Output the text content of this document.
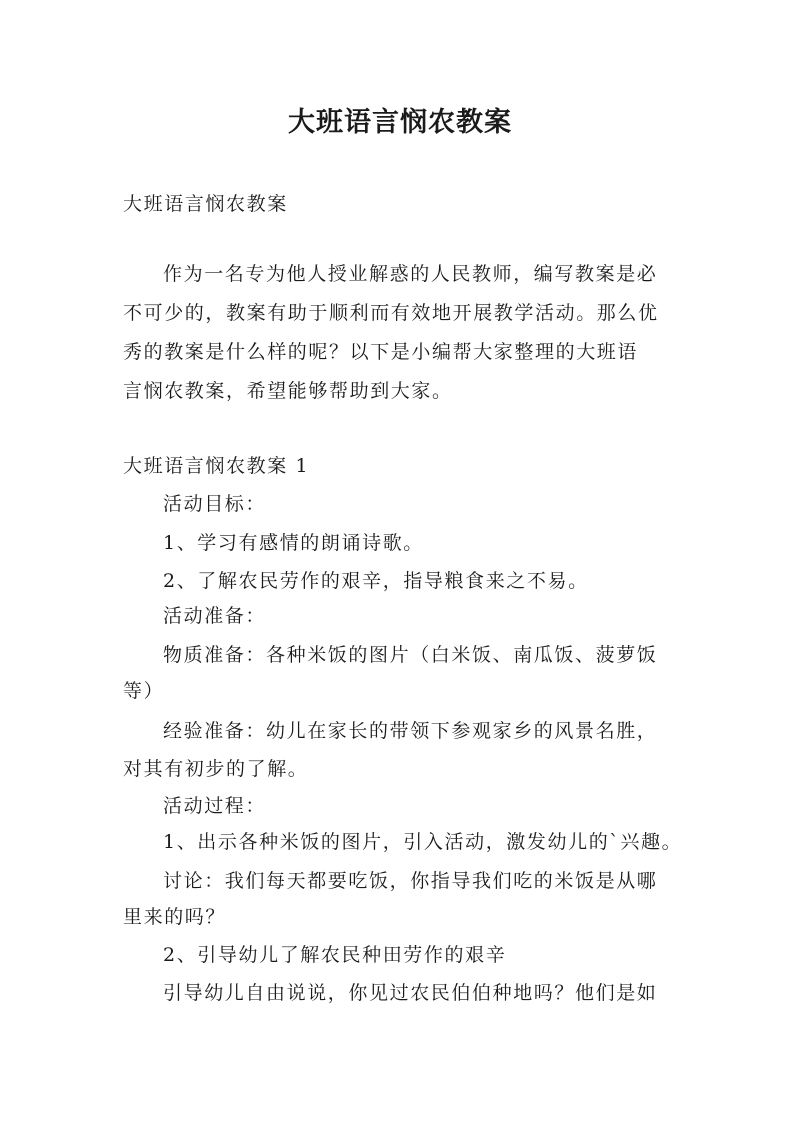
大班语言悯农教案

大班语言悯农教案

作为一名专为他人授业解惑的人民教师，编写教案是必

不可少的，教案有助于顺利而有效地开展教学活动。那么优

秀的教案是什么样的呢？以下是小编帮大家整理的大班语

言悯农教案，希望能够帮助到大家。

大班语言悯农教案 1

活动目标：

1、学习有感情的朗诵诗歌。

2、了解农民劳作的艰辛，指导粮食来之不易。

活动准备：

物质准备：各种米饭的图片（白米饭、南瓜饭、菠萝饭

等）

经验准备：幼儿在家长的带领下参观家乡的风景名胜，

对其有初步的了解。

活动过程：

1、出示各种米饭的图片，引入活动，激发幼儿的`兴趣。

讨论：我们每天都要吃饭，你指导我们吃的米饭是从哪

里来的吗？

2、引导幼儿了解农民种田劳作的艰辛

引导幼儿自由说说，你见过农民伯伯种地吗？他们是如
